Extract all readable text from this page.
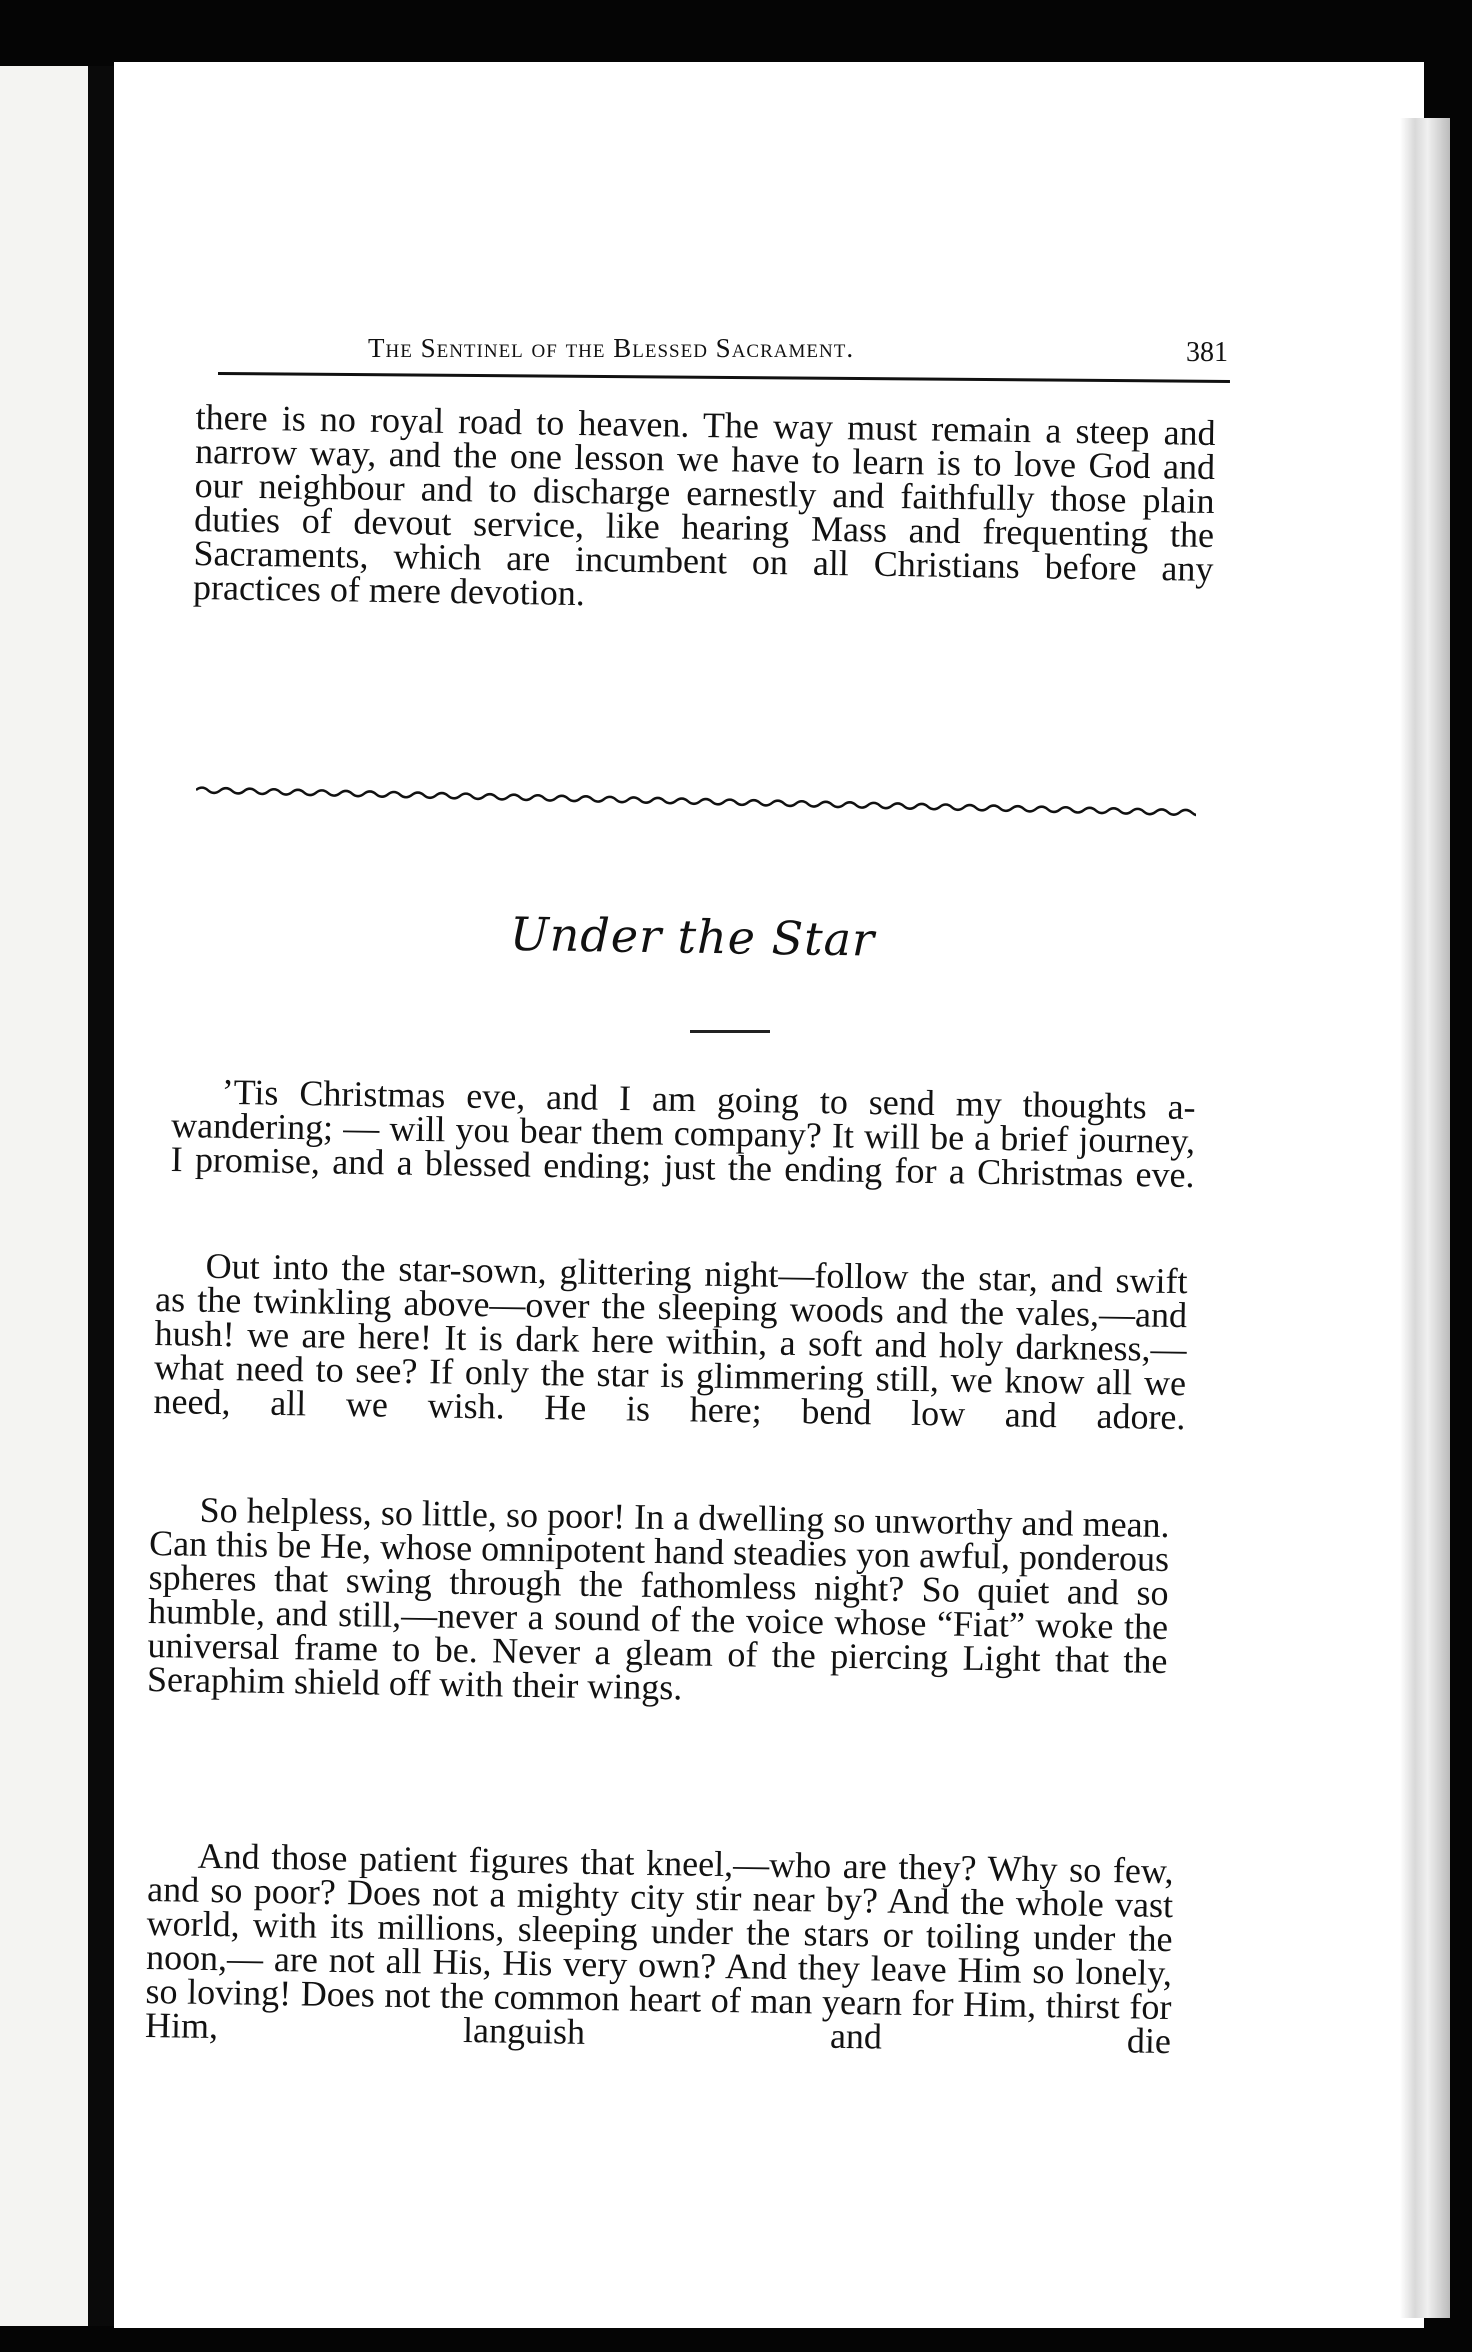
The Sentinel of the Blessed Sacrament.	381

there is no royal road to heaven. The way must remain a steep and narrow way, and the one lesson we have to learn is to love God and our neighbour and to discharge earnestly and faithfully those plain duties of devout service, like hearing Mass and frequenting the Sacraments, which are incumbent on all Christians before any practices of mere devotion.

Under the Star

’Tis Christmas eve, and I am going to send my thoughts a-wandering; — will you bear them company? It will be a brief journey, I promise, and a blessed ending; just the ending for a Christmas eve.

Out into the star-sown, glittering night—follow the star, and swift as the twinkling above—over the sleeping woods and the vales,—and hush! we are here! It is dark here within, a soft and holy darkness,—what need to see? If only the star is glimmering still, we know all we need, all we wish. He is here; bend low and adore.

So helpless, so little, so poor! In a dwelling so unworthy and mean. Can this be He, whose omnipotent hand steadies yon awful, ponderous spheres that swing through the fathomless night? So quiet and so humble, and still,—never a sound of the voice whose “Fiat” woke the universal frame to be. Never a gleam of the piercing Light that the Seraphim shield off with their wings.

And those patient figures that kneel,—who are they? Why so few, and so poor? Does not a mighty city stir near by? And the whole vast world, with its millions, sleeping under the stars or toiling under the noon,— are not all His, His very own? And they leave Him so lonely, so loving! Does not the common heart of man yearn for Him, thirst for Him, languish and die
